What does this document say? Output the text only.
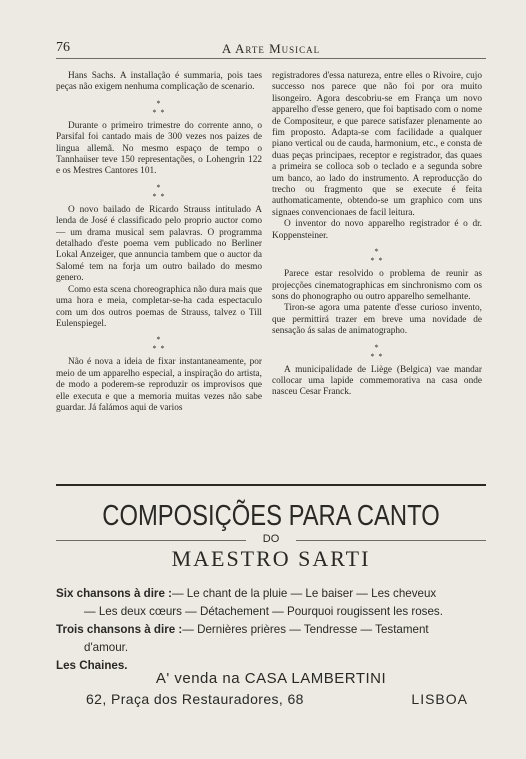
76	A Arte Musical

Hans Sachs. A installação é summaria, pois taes peças não exigem nenhuma complicação de scenario.

*
* *

Durante o primeiro trimestre do corrente anno, o Parsifal foi cantado mais de 300 vezes nos paizes de lingua allemã. No mesmo espaço de tempo o Tannhaüser teve 150 representações, o Lohengrin 122 e os Mestres Cantores 101.

*
* *

O novo bailado de Ricardo Strauss intitulado A lenda de José é classificado pelo proprio auctor como — um drama musical sem palavras. O programma detalhado d'este poema vem publicado no Berliner Lokal Anzeiger, que annuncia tambem que o auctor da Salomé tem na forja um outro bailado do mesmo genero.

Como esta scena choreographica não dura mais que uma hora e meia, completar-se-ha cada espectaculo com um dos outros poemas de Strauss, talvez o Till Eulenspiegel.

*
* *

Não é nova a ideia de fixar instantaneamente, por meio de um apparelho especial, a inspiração do artista, de modo a poderem-se reproduzir os improvisos que elle executa e que a memoria muitas vezes não sabe guardar. Já falámos aqui de varios

registradores d'essa natureza, entre elles o Rivoire, cujo successo nos parece que não foi por ora muito lisongeiro. Agora descobriu-se em França um novo apparelho d'esse genero, que foi baptisado com o nome de Compositeur, e que parece satisfazer plenamente ao fim proposto. Adapta-se com facilidade a qualquer piano vertical ou de cauda, harmonium, etc., e consta de duas peças principaes, receptor e registrador, das quaes a primeira se colloca sob o teclado e a segunda sobre um banco, ao lado do instrumento. A reproducção do trecho ou fragmento que se execute é feita authomaticamente, obtendo-se um graphico com uns signaes convencionaes de facil leitura.

O inventor do novo apparelho registrador é o dr. Koppensteiner.

*
* *

Parece estar resolvido o problema de reunir as projecções cinematographicas em sinchronismo com os sons do phonographo ou outro apparelho semelhante.

Tiron-se agora uma patente d'esse curioso invento, que permittirá trazer em breve uma novidade de sensação ás salas de animatographo.

*
* *

A municipalidade de Liège (Belgica) vae mandar collocar uma lapide commemorativa na casa onde nasceu Cesar Franck.

COMPOSIÇÕES PARA CANTO
DO
MAESTRO SARTI
Six chansons à dire :— Le chant de la pluie — Le baiser — Les cheveux
— Les deux cœurs — Détachement — Pourquoi rougissent les roses.
Trois chansons à dire :— Dernières prières — Tendresse — Testament
d'amour.
Les Chaines.
A' venda na CASA LAMBERTINI
62, Praça dos Restauradores, 68	LISBOA
